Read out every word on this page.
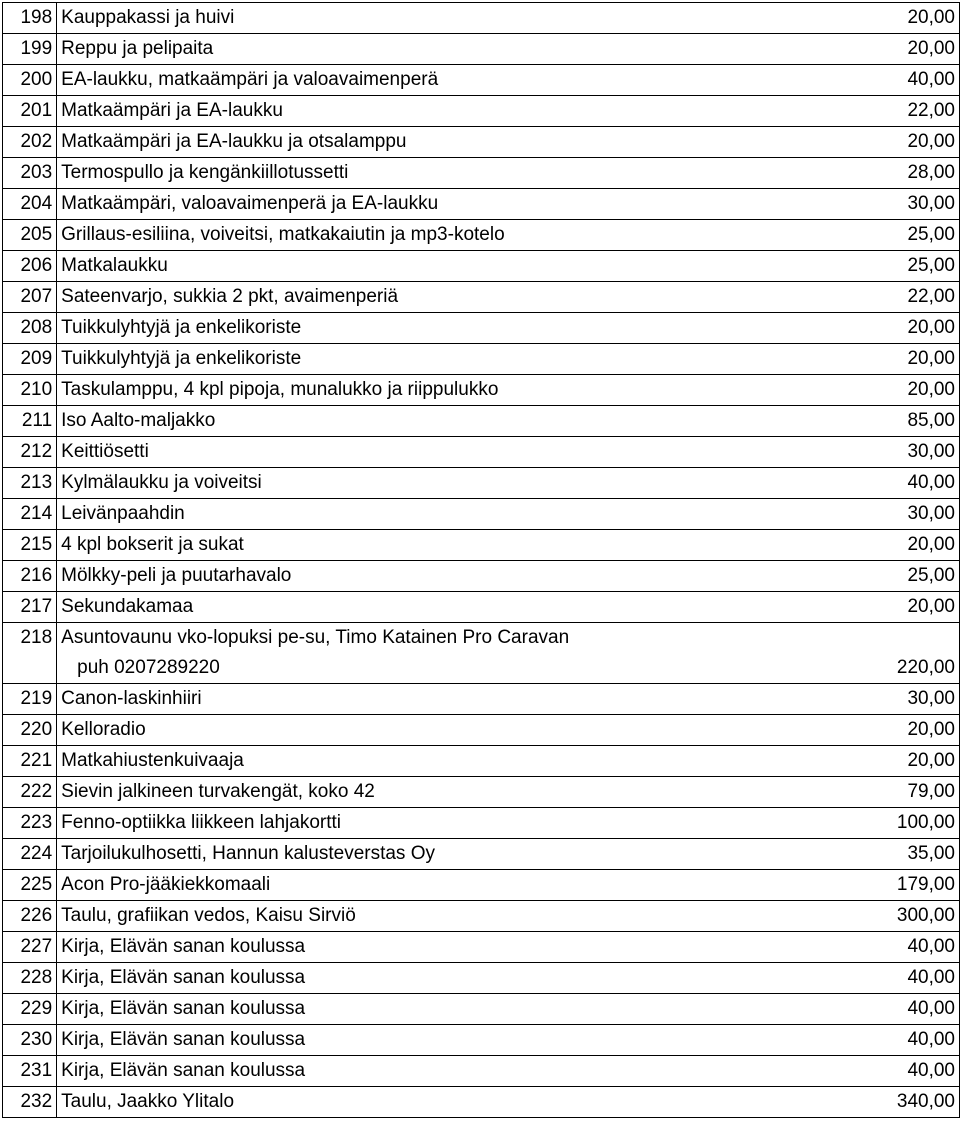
198	Kauppakassi ja huivi	20,00
199	Reppu ja pelipaita	20,00
200	EA-laukku, matkaämpäri ja valoavaimenperä	40,00
201	Matkaämpäri ja EA-laukku	22,00
202	Matkaämpäri ja EA-laukku ja otsalamppu	20,00
203	Termospullo ja kengänkiillotussetti	28,00
204	Matkaämpäri, valoavaimenperä ja EA-laukku	30,00
205	Grillaus-esiliina, voiveitsi, matkakaiutin ja mp3-kotelo	25,00
206	Matkalaukku	25,00
207	Sateenvarjo, sukkia 2 pkt, avaimenperiä	22,00
208	Tuikkulyhtyjä ja enkelikoriste	20,00
209	Tuikkulyhtyjä ja enkelikoriste	20,00
210	Taskulamppu, 4 kpl pipoja, munalukko ja riippulukko	20,00
211	Iso Aalto-maljakko	85,00
212	Keittiösetti	30,00
213	Kylmälaukku ja voiveitsi	40,00
214	Leivänpaahdin	30,00
215	4 kpl bokserit ja sukat	20,00
216	Mölkky-peli ja puutarhavalo	25,00
217	Sekundakamaa	20,00
218	Asuntovaunu vko-lopuksi pe-su, Timo Katainen Pro Caravan	
	puh 0207289220	220,00
219	Canon-laskinhiiri	30,00
220	Kelloradio	20,00
221	Matkahiustenkuivaaja	20,00
222	Sievin jalkineen turvakengät, koko 42	79,00
223	Fenno-optiikka liikkeen lahjakortti	100,00
224	Tarjoilukulhosetti, Hannun kalusteverstas Oy	35,00
225	Acon Pro-jääkiekkomaali	179,00
226	Taulu, grafiikan vedos, Kaisu Sirviö	300,00
227	Kirja, Elävän sanan koulussa	40,00
228	Kirja, Elävän sanan koulussa	40,00
229	Kirja, Elävän sanan koulussa	40,00
230	Kirja, Elävän sanan koulussa	40,00
231	Kirja, Elävän sanan koulussa	40,00
232	Taulu, Jaakko Ylitalo	340,00
